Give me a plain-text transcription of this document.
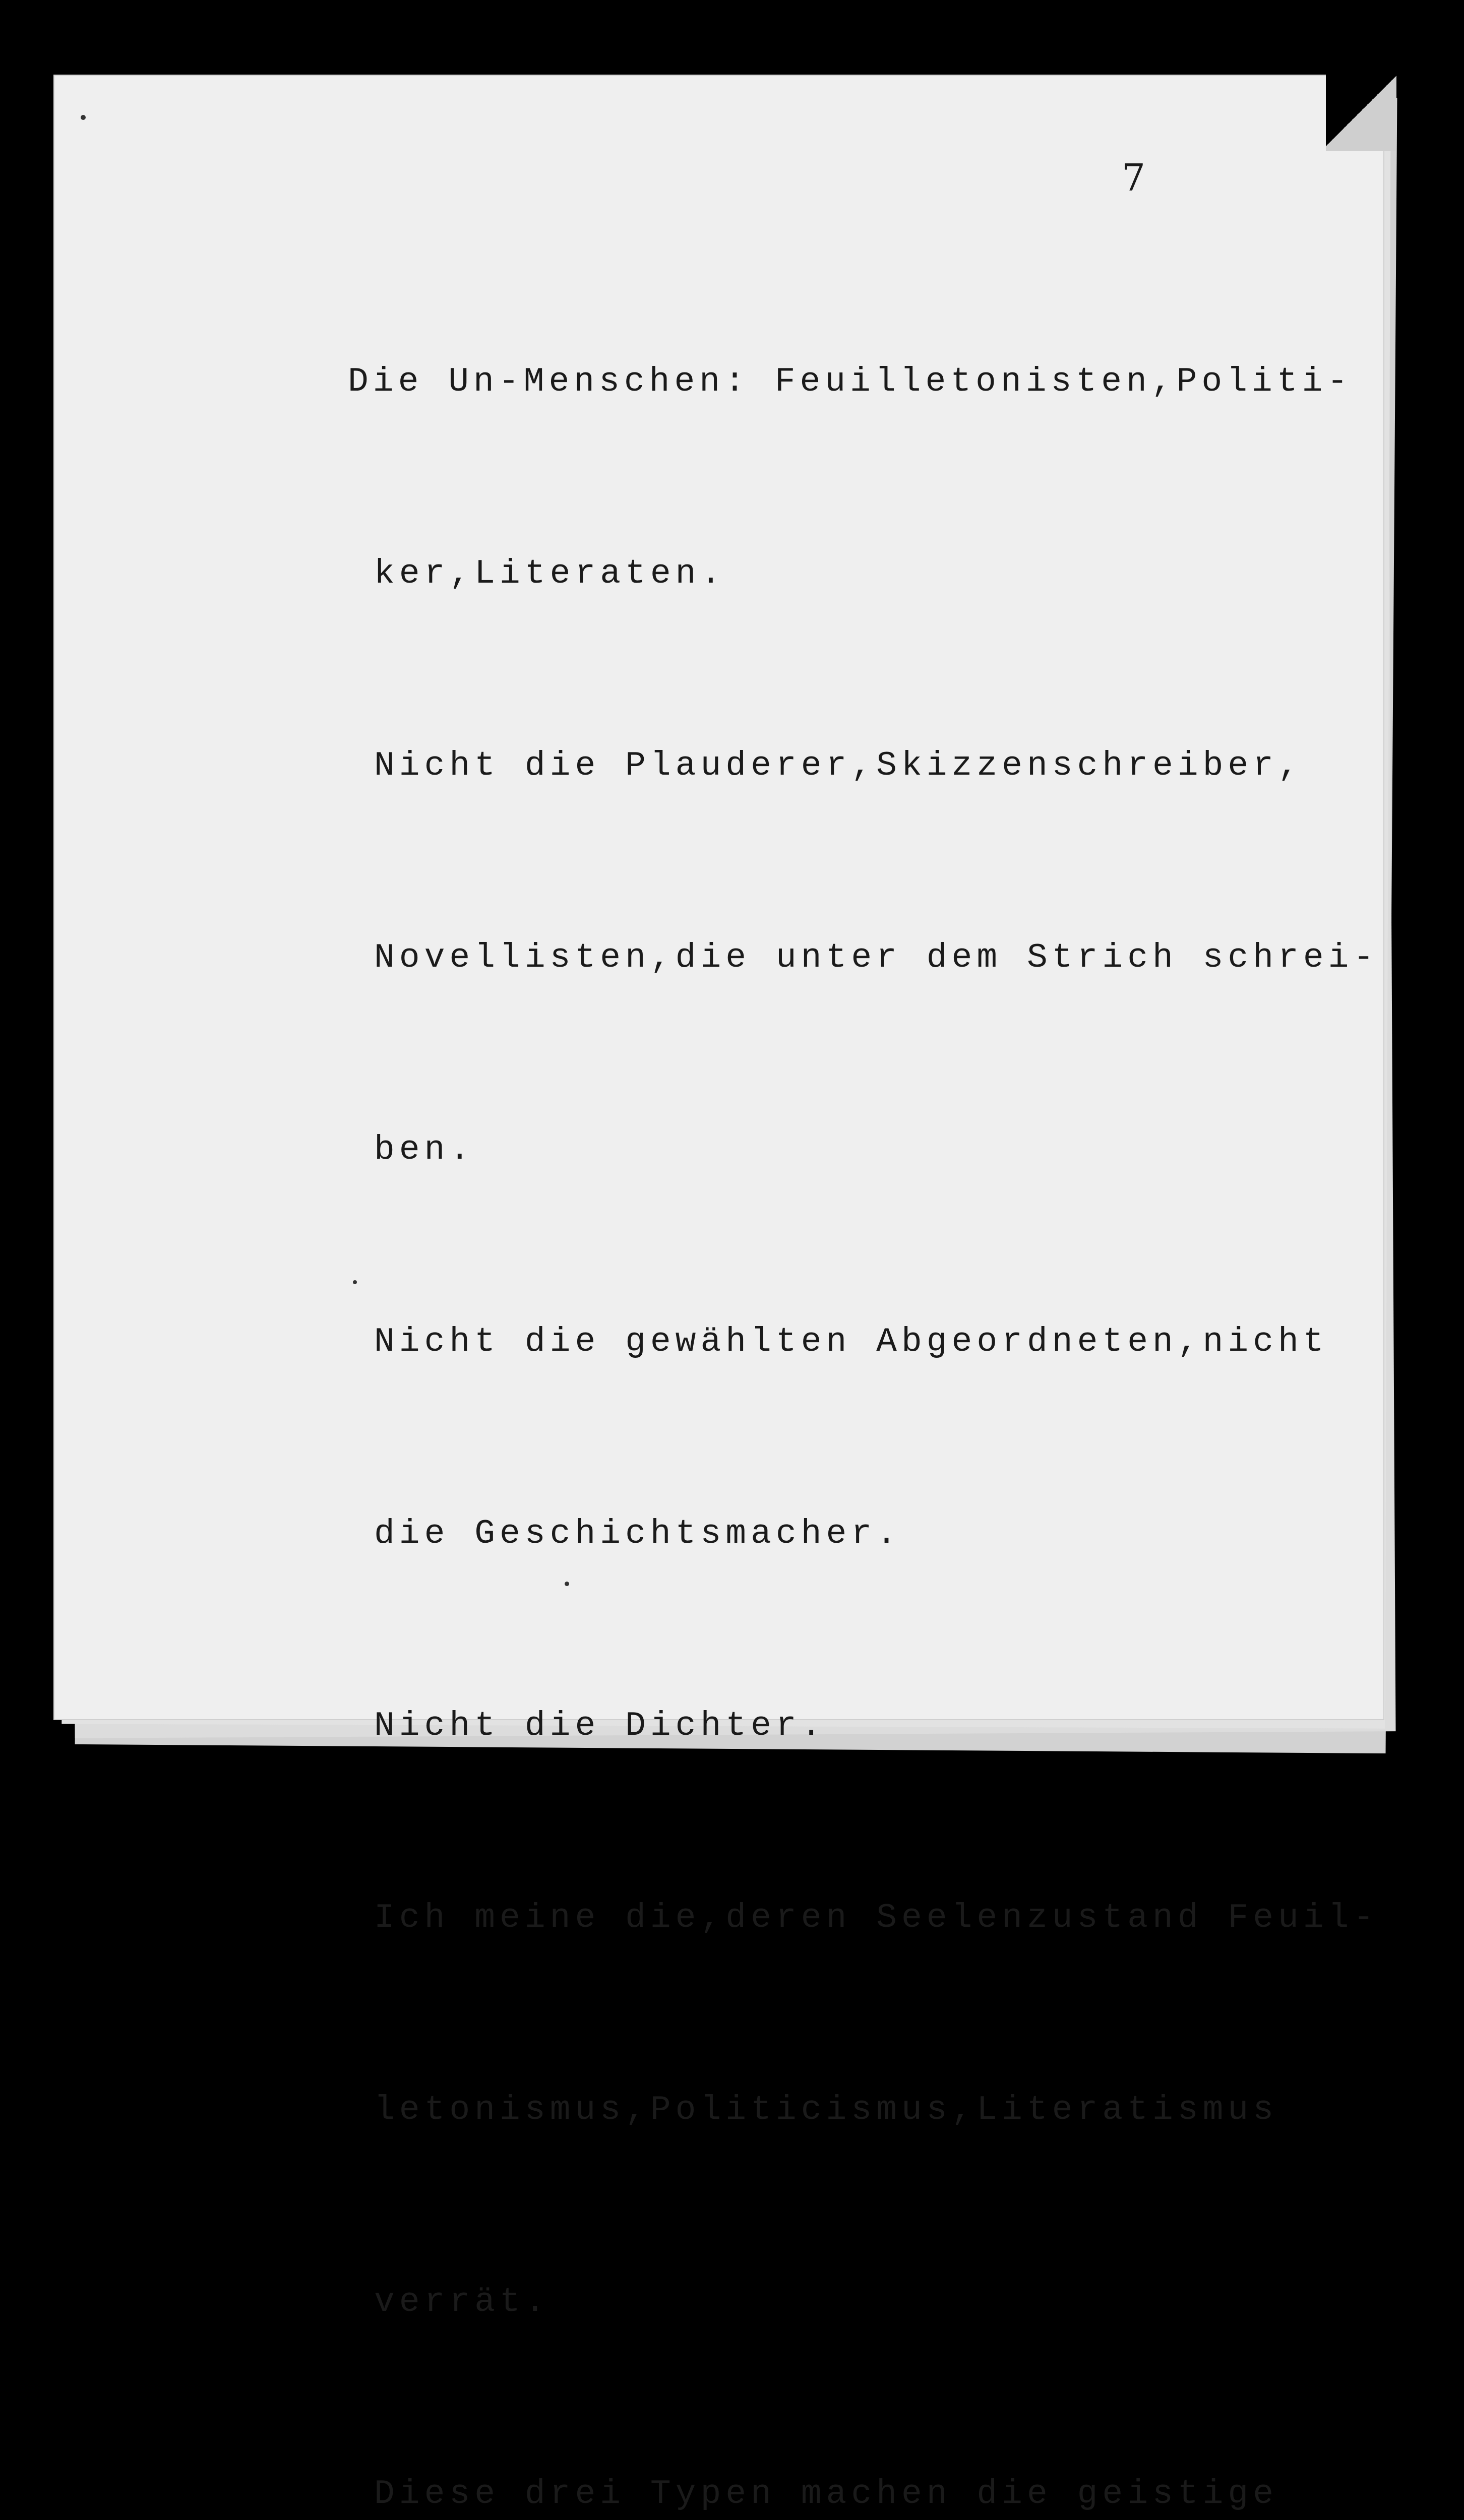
7

Die Un-Menschen: Feuilletonisten,Politi-

ker,Literaten.

Nicht die Plauderer,Skizzenschreiber,

Novellisten,die unter dem Strich schrei-

ben.

Nicht die gewählten Abgeordneten,nicht

die Geschichtsmacher.

Nicht die Dichter.

Ich meine die,deren Seelenzustand Feuil-

letonismus,Politicismus,Literatismus

verrät.

Diese drei Typen machen die geistige
